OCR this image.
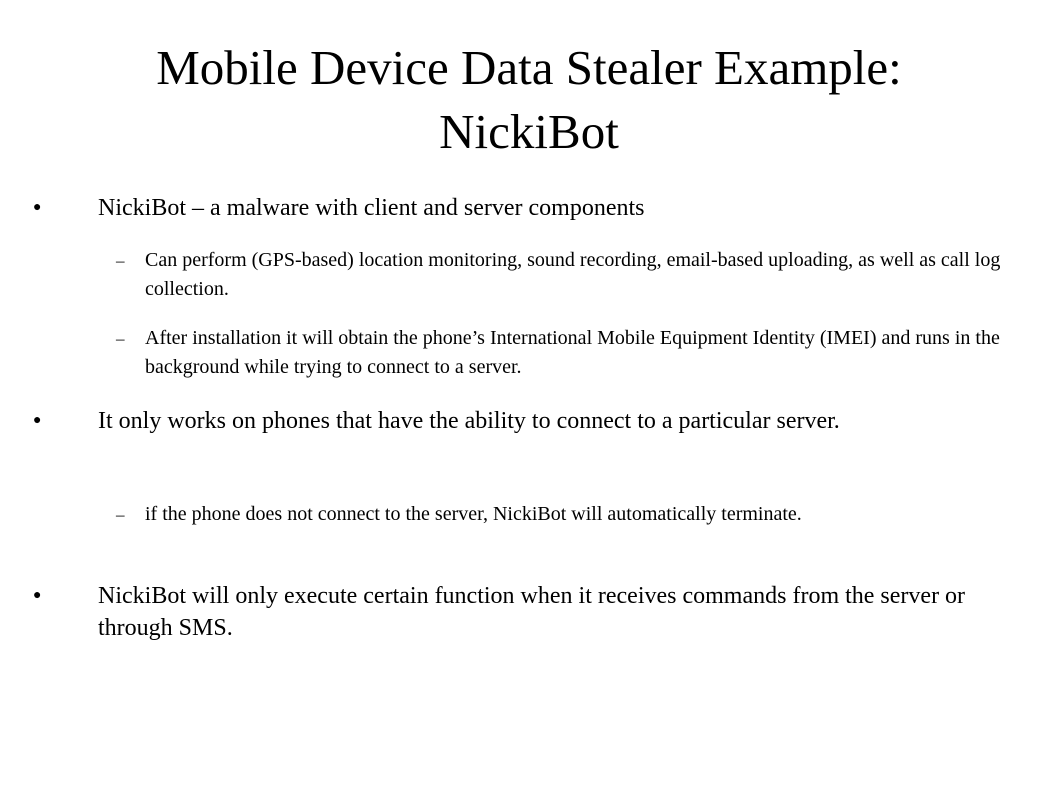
Mobile Device Data Stealer Example:
NickiBot

● NickiBot – a malware with client and server components

– Can perform (GPS-based) location monitoring, sound recording, email-based uploading, as well as call log collection.

– After installation it will obtain the phone’s International Mobile Equipment Identity (IMEI) and runs in the background while trying to connect to a server.

● It only works on phones that have the ability to connect to a particular server.

– if the phone does not connect to the server, NickiBot will automatically terminate.

● NickiBot will only execute certain function when it receives commands from the server or through SMS.
